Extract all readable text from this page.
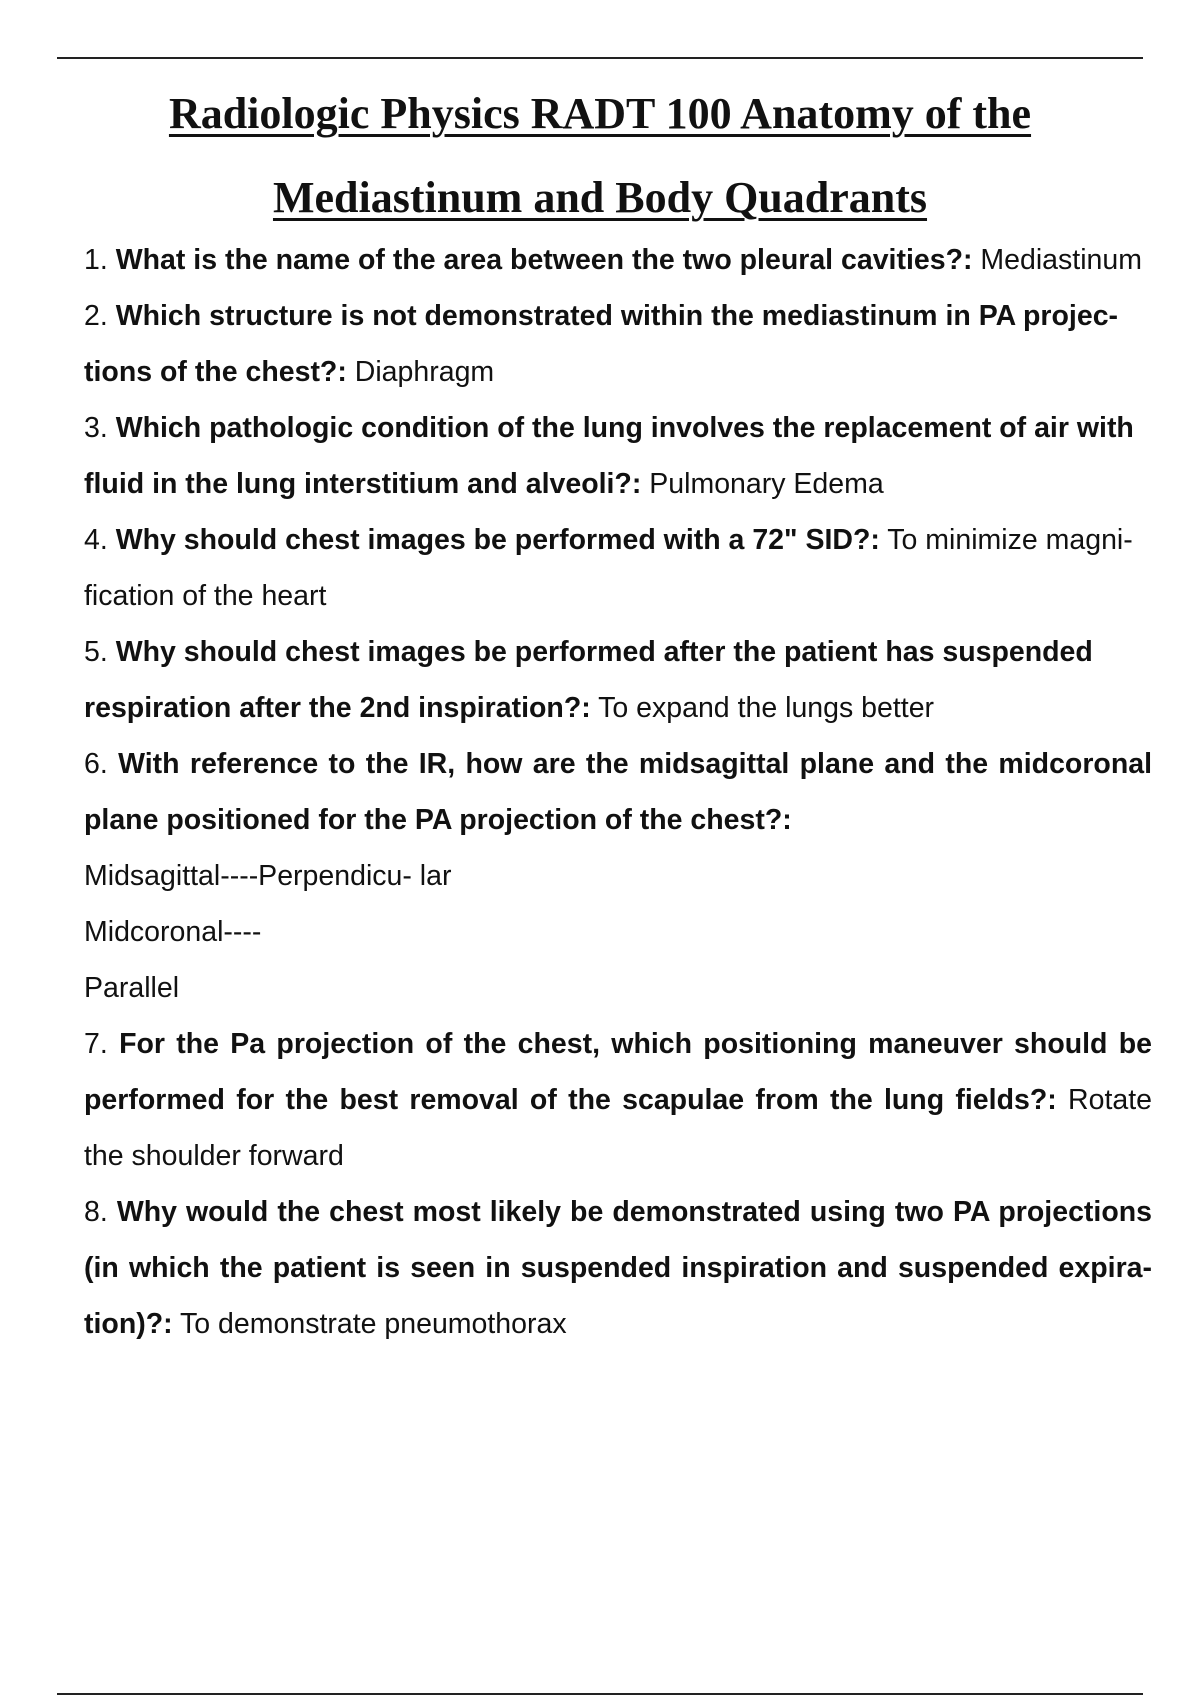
Radiologic Physics RADT 100 Anatomy of the
Mediastinum and Body Quadrants

1. What is the name of the area between the two pleural cavities?: Mediastinum

2. Which structure is not demonstrated within the mediastinum in PA projec- tions of the chest?: Diaphragm

3. Which pathologic condition of the lung involves the replacement of air with fluid in the lung interstitium and alveoli?: Pulmonary Edema

4. Why should chest images be performed with a 72" SID?: To minimize magni- fication of the heart

5. Why should chest images be performed after the patient has suspended respiration after the 2nd inspiration?: To expand the lungs better

6. With reference to the IR, how are the midsagittal plane and the midcoronal plane positioned for the PA projection of the chest?:

Midsagittal----Perpendicu- lar
Midcoronal----
Parallel

7. For the Pa projection of the chest, which positioning maneuver should be performed for the best removal of the scapulae from the lung fields?: Rotate the shoulder forward

8. Why would the chest most likely be demonstrated using two PA projections (in which the patient is seen in suspended inspiration and suspended expira- tion)?: To demonstrate pneumothorax
